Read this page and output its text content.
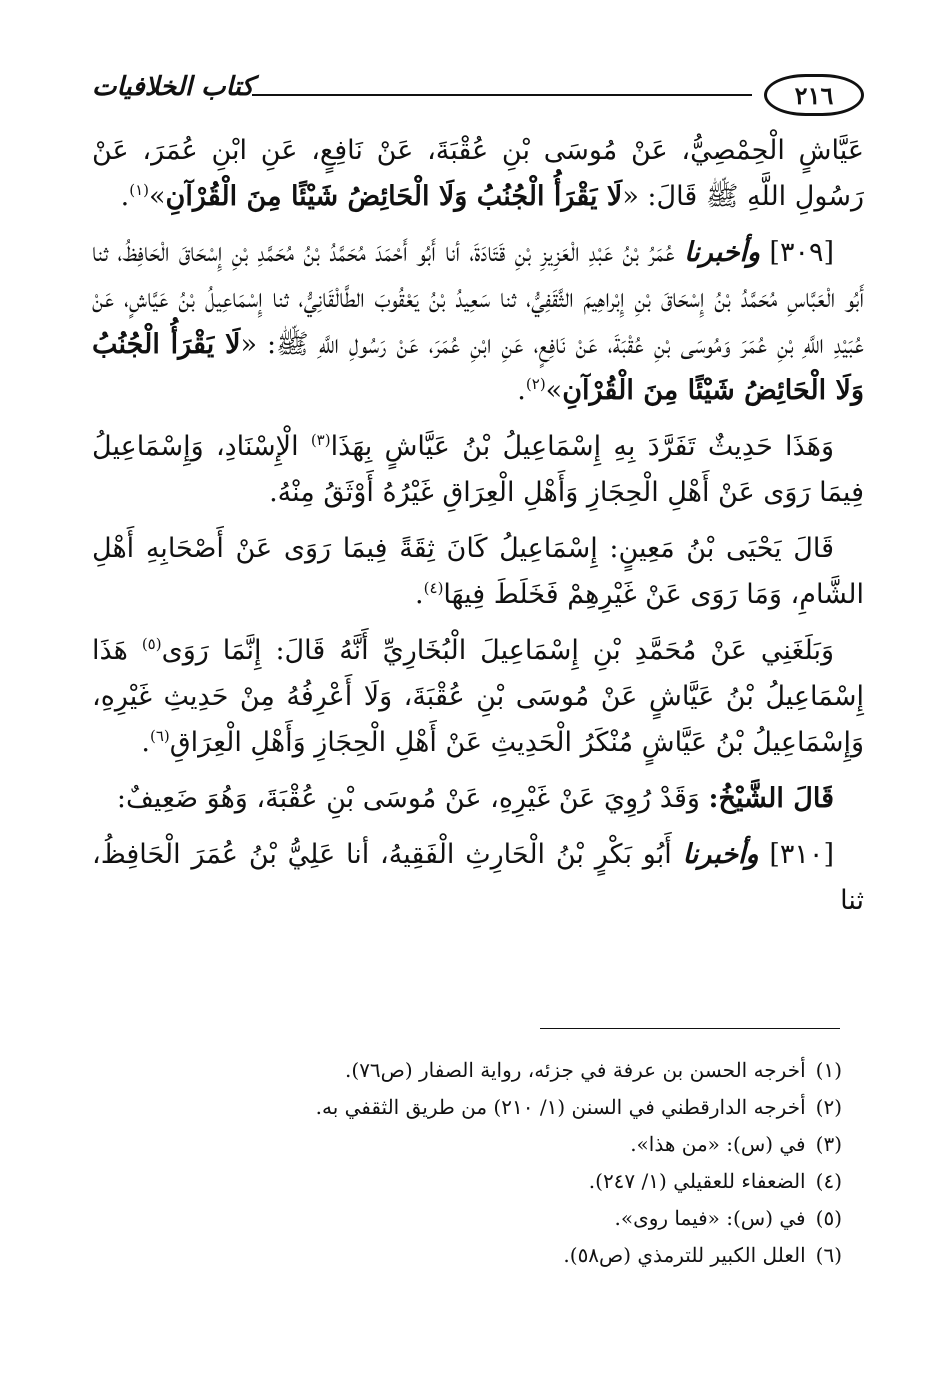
٢١٦
كتاب الخلافيات

عَيَّاشٍ الْحِمْصِيُّ، عَنْ مُوسَى بْنِ عُقْبَةَ، عَنْ نَافِعٍ، عَنِ ابْنِ عُمَرَ، عَنْ رَسُولِ اللَّهِ ﷺ قَالَ: «لَا يَقْرَأُ الْجُنُبُ وَلَا الْحَائِضُ شَيْئًا مِنَ الْقُرْآنِ»$^{(١)}$.

[٣٠٩] وأخبرنا عُمَرُ بْنُ عَبْدِ الْعَزِيزِ بْنِ قَتَادَةَ، أنا أَبُو أَحْمَدَ مُحَمَّدُ بْنُ مُحَمَّدِ بْنِ إِسْحَاقَ الْحَافِظُ، ثنا أَبُو الْعَبَّاسِ مُحَمَّدُ بْنُ إِسْحَاقَ بْنِ إِبْراهِيمَ الثَّقَفِيُّ، ثنا سَعِيدُ بْنُ يَعْقُوبَ الطَّالْقَانِيُّ، ثنا إِسْمَاعِيلُ بْنُ عَيَّاشٍ، عَنْ عُبَيْدِ اللَّهِ بْنِ عُمَرَ وَمُوسَى بْنِ عُقْبَةَ، عَنْ نَافِعٍ، عَنِ ابْنِ عُمَرَ، عَنْ رَسُولِ اللَّهِ ﷺ: «لَا يَقْرَأُ الْجُنُبُ وَلَا الْحَائِضُ شَيْئًا مِنَ الْقُرْآنِ»$^{(٢)}$.

وَهَذَا حَدِيثٌ تَفَرَّدَ بِهِ إِسْمَاعِيلُ بْنُ عَيَّاشٍ بِهَذَا$^{(٣)}$ الْإِسْنَادِ، وَإِسْمَاعِيلُ فِيمَا رَوَى عَنْ أَهْلِ الْحِجَازِ وَأَهْلِ الْعِرَاقِ غَيْرُهُ أَوْثَقُ مِنْهُ.

قَالَ يَحْيَى بْنُ مَعِينٍ: إِسْمَاعِيلُ كَانَ ثِقَةً فِيمَا رَوَى عَنْ أَصْحَابِهِ أَهْلِ الشَّامِ، وَمَا رَوَى عَنْ غَيْرِهِمْ فَخَلَطَ فِيهَا$^{(٤)}$.

وَبَلَغَنِي عَنْ مُحَمَّدِ بْنِ إِسْمَاعِيلَ الْبُخَارِيِّ أَنَّهُ قَالَ: إِنَّمَا رَوَى$^{(٥)}$ هَذَا إِسْمَاعِيلُ بْنُ عَيَّاشٍ عَنْ مُوسَى بْنِ عُقْبَةَ، وَلَا أَعْرِفُهُ مِنْ حَدِيثِ غَيْرِهِ، وَإِسْمَاعِيلُ بْنُ عَيَّاشٍ مُنْكَرُ الْحَدِيثِ عَنْ أَهْلِ الْحِجَازِ وَأَهْلِ الْعِرَاقِ$^{(٦)}$.

قَالَ الشَّيْخُ: وَقَدْ رُوِيَ عَنْ غَيْرِهِ، عَنْ مُوسَى بْنِ عُقْبَةَ، وَهُوَ ضَعِيفٌ:

[٣١٠] وأخبرنا أَبُو بَكْرٍ بْنُ الْحَارِثِ الْفَقِيهُ، أنا عَلِيُّ بْنُ عُمَرَ الْحَافِظُ، ثنا

(١)
أخرجه الحسن بن عرفة في جزئه، رواية الصفار (ص٧٦).
(٢)
أخرجه الدارقطني في السنن (١/ ٢١٠) من طريق الثقفي به.
(٣)
في (س): «من هذا».
(٤)
الضعفاء للعقيلي (١/ ٢٤٧).
(٥)
في (س): «فيما روى».
(٦)
العلل الكبير للترمذي (ص٥٨).
